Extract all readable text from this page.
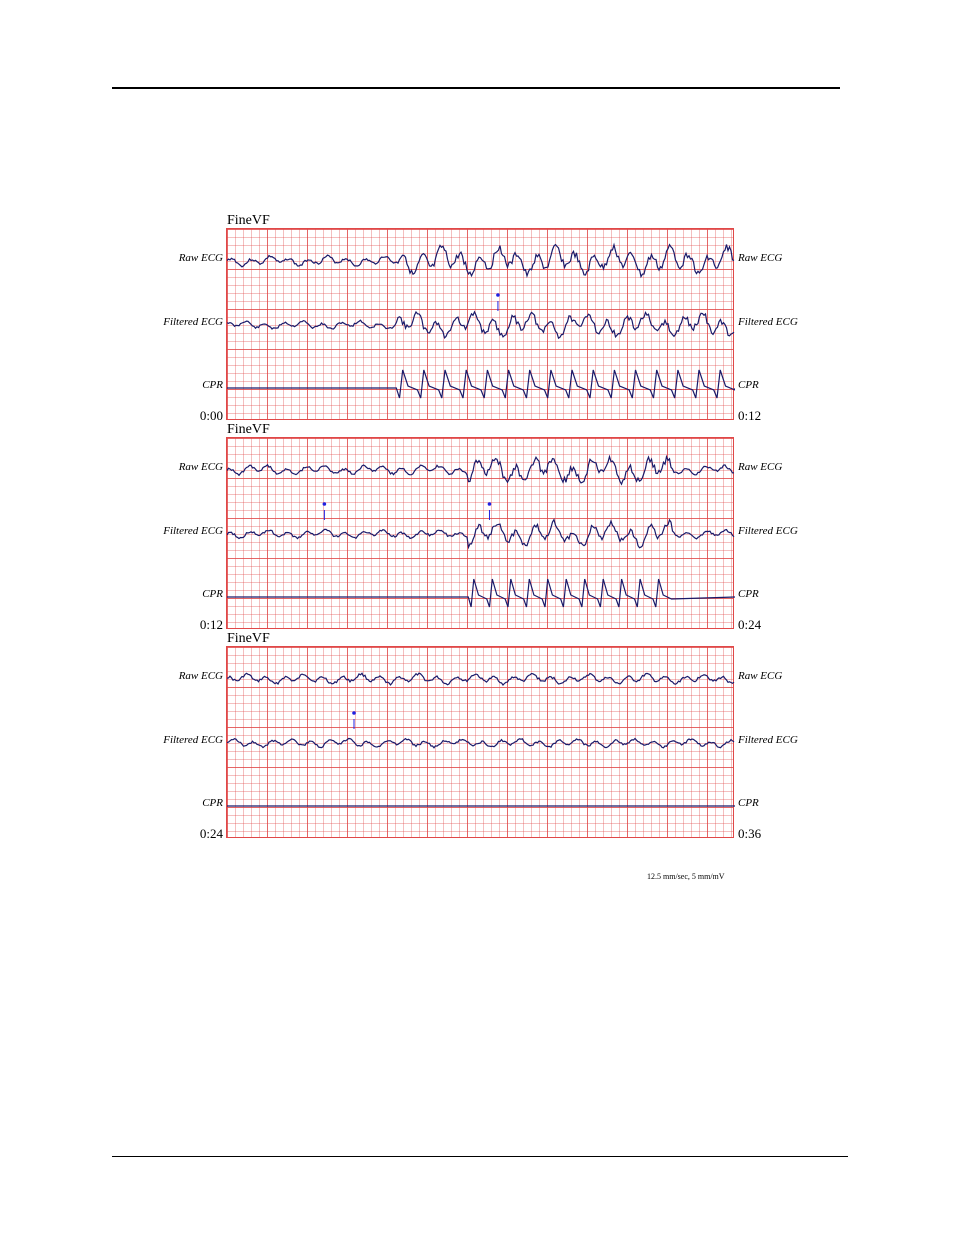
FineVF
Raw ECG	Raw ECG
Filtered ECG	Filtered ECG
CPR	CPR
0:00	0:12
FineVF
Raw ECG	Raw ECG
Filtered ECG	Filtered ECG
CPR	CPR
0:12	0:24
FineVF
Raw ECG	Raw ECG
Filtered ECG	Filtered ECG
CPR	CPR
0:24	0:36
12.5 mm/sec, 5 mm/mV
